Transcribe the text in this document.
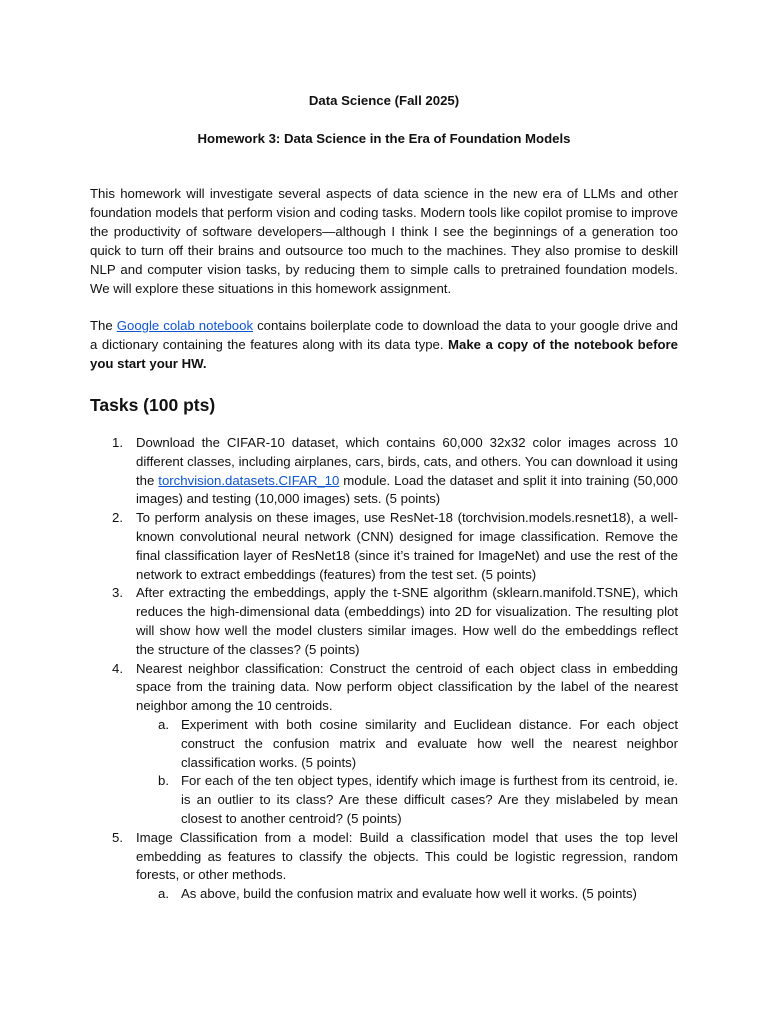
Data Science (Fall 2025)
Homework 3: Data Science in the Era of Foundation Models

This homework will investigate several aspects of data science in the new era of LLMs and other foundation models that perform vision and coding tasks. Modern tools like copilot promise to improve the productivity of software developers—although I think I see the beginnings of a generation too quick to turn off their brains and outsource too much to the machines. They also promise to deskill NLP and computer vision tasks, by reducing them to simple calls to pretrained foundation models. We will explore these situations in this homework assignment.

The Google colab notebook contains boilerplate code to download the data to your google drive and a dictionary containing the features along with its data type. Make a copy of the notebook before you start your HW.

Tasks (100 pts)
1. Download the CIFAR-10 dataset, which contains 60,000 32x32 color images across 10 different classes, including airplanes, cars, birds, cats, and others. You can download it using the torchvision.datasets.CIFAR_10 module. Load the dataset and split it into training (50,000 images) and testing (10,000 images) sets. (5 points)
2. To perform analysis on these images, use ResNet-18 (torchvision.models.resnet18), a well-known convolutional neural network (CNN) designed for image classification. Remove the final classification layer of ResNet18 (since it’s trained for ImageNet) and use the rest of the network to extract embeddings (features) from the test set. (5 points)
3. After extracting the embeddings, apply the t-SNE algorithm (sklearn.manifold.TSNE), which reduces the high-dimensional data (embeddings) into 2D for visualization. The resulting plot will show how well the model clusters similar images. How well do the embeddings reflect the structure of the classes? (5 points)
4. Nearest neighbor classification: Construct the centroid of each object class in embedding space from the training data. Now perform object classification by the label of the nearest neighbor among the 10 centroids.
a. Experiment with both cosine similarity and Euclidean distance. For each object construct the confusion matrix and evaluate how well the nearest neighbor classification works. (5 points)
b. For each of the ten object types, identify which image is furthest from its centroid, ie. is an outlier to its class? Are these difficult cases? Are they mislabeled by mean closest to another centroid? (5 points)
5. Image Classification from a model: Build a classification model that uses the top level embedding as features to classify the objects. This could be logistic regression, random forests, or other methods.
a. As above, build the confusion matrix and evaluate how well it works. (5 points)
